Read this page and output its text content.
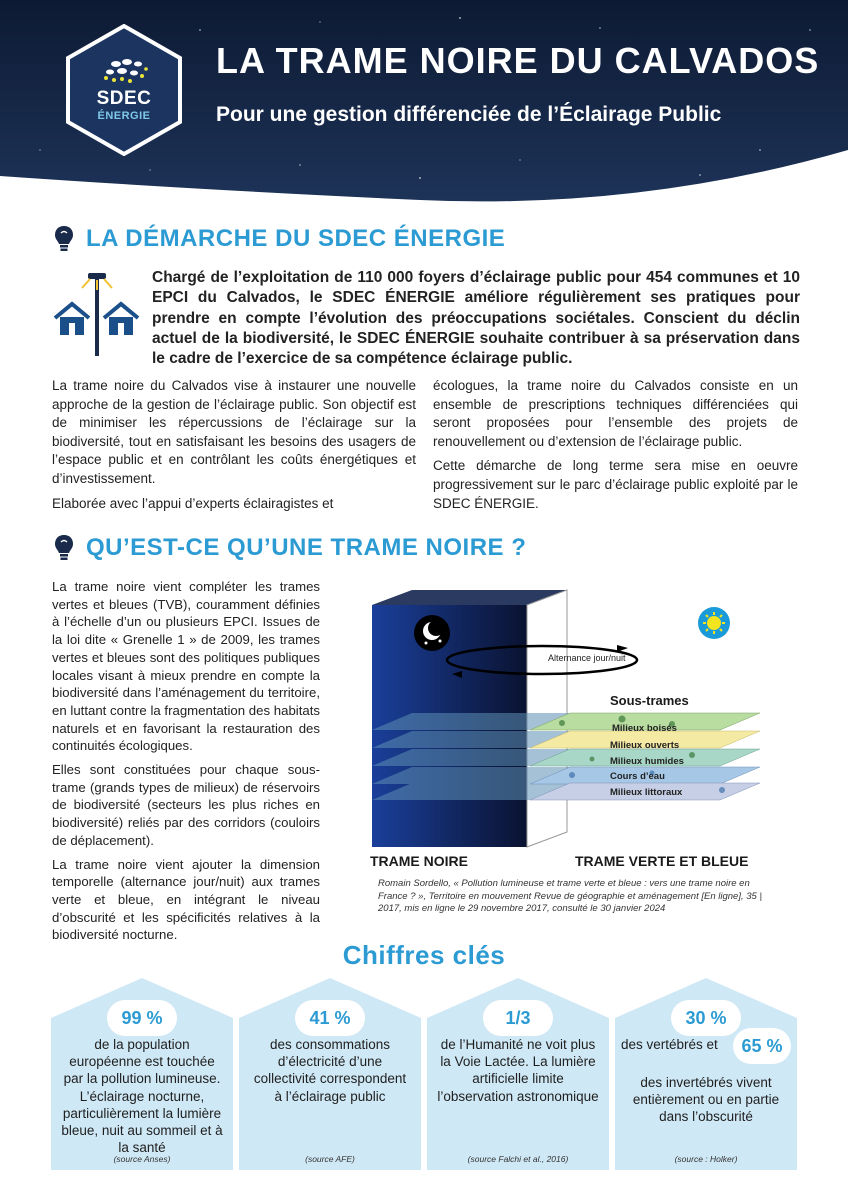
SDEC
ÉNERGIE
LA TRAME NOIRE DU CALVADOS
Pour une gestion différenciée de l’Éclairage Public
LA DÉMARCHE DU SDEC ÉNERGIE
Chargé de l’exploitation de 110 000 foyers d’éclairage public pour 454 communes et 10 EPCI du Calvados, le SDEC ÉNERGIE améliore régulièrement ses pratiques pour prendre en compte l’évolution des préoccupations sociétales. Conscient du déclin actuel de la biodiversité, le SDEC ÉNERGIE souhaite contribuer à sa préservation dans le cadre de l’exercice de sa compétence éclairage public.

La trame noire du Calvados vise à instaurer une nouvelle approche de la gestion de l’éclairage public. Son objectif est de minimiser les répercussions de l’éclairage sur la biodiversité, tout en satisfaisant les besoins des usagers de l’espace public et en contrôlant les coûts énergétiques et d’investissement.

Elaborée avec l’appui d’experts éclairagistes et

écologues, la trame noire du Calvados consiste en un ensemble de prescriptions techniques différenciées qui seront proposées pour l’ensemble des projets de renouvellement ou d’extension de l’éclairage public.

Cette démarche de long terme sera mise en oeuvre progressivement sur le parc d’éclairage public exploité par le SDEC ÉNERGIE.

QU’EST-CE QU’UNE TRAME NOIRE ?

La trame noire vient compléter les trames vertes et bleues (TVB), couramment définies à l’échelle d’un ou plusieurs EPCI. Issues de la loi dite « Grenelle 1 » de 2009, les trames vertes et bleues sont des politiques publiques locales visant à mieux prendre en compte la biodiversité dans l’aménagement du territoire, en luttant contre la fragmentation des habitats naturels et en favorisant la restauration des continuités écologiques.

Elles sont constituées pour chaque sous-trame (grands types de milieux) de réservoirs de biodiversité (secteurs les plus riches en biodiversité) reliés par des corridors (couloirs de déplacement).

La trame noire vient ajouter la dimension temporelle (alternance jour/nuit) aux trames verte et bleue, en intégrant le niveau d’obscurité et les spécificités relatives à la biodiversité nocturne.

Alternance jour/nuit
Sous-trames
Milieux boisés
Milieux ouverts
Milieux humides
Cours d’eau
Milieux littoraux
TRAME NOIRE	TRAME VERTE ET BLEUE
Romain Sordello, « Pollution lumineuse et trame verte et bleue : vers une trame noire en France ? », Territoire en mouvement Revue de géographie et aménagement [En ligne], 35 | 2017, mis en ligne le 29 novembre 2017, consulté le 30 janvier 2024
Chiffres clés
99 %
de la population européenne est touchée par la pollution lumineuse. L’éclairage nocturne, particulièrement la lumière bleue, nuit au sommeil et à la santé
(source Anses)
41 %
des consommations d’électricité d’une collectivité correspondent à l’éclairage public
(source AFE)
1/3
de l’Humanité ne voit plus la Voie Lactée. La lumière artificielle limite l’observation astronomique
(source Falchi et al., 2016)
30 %
des vertébrés et	65 %
des invertébrés vivent entièrement ou en partie dans l’obscurité
(source : Holker)
